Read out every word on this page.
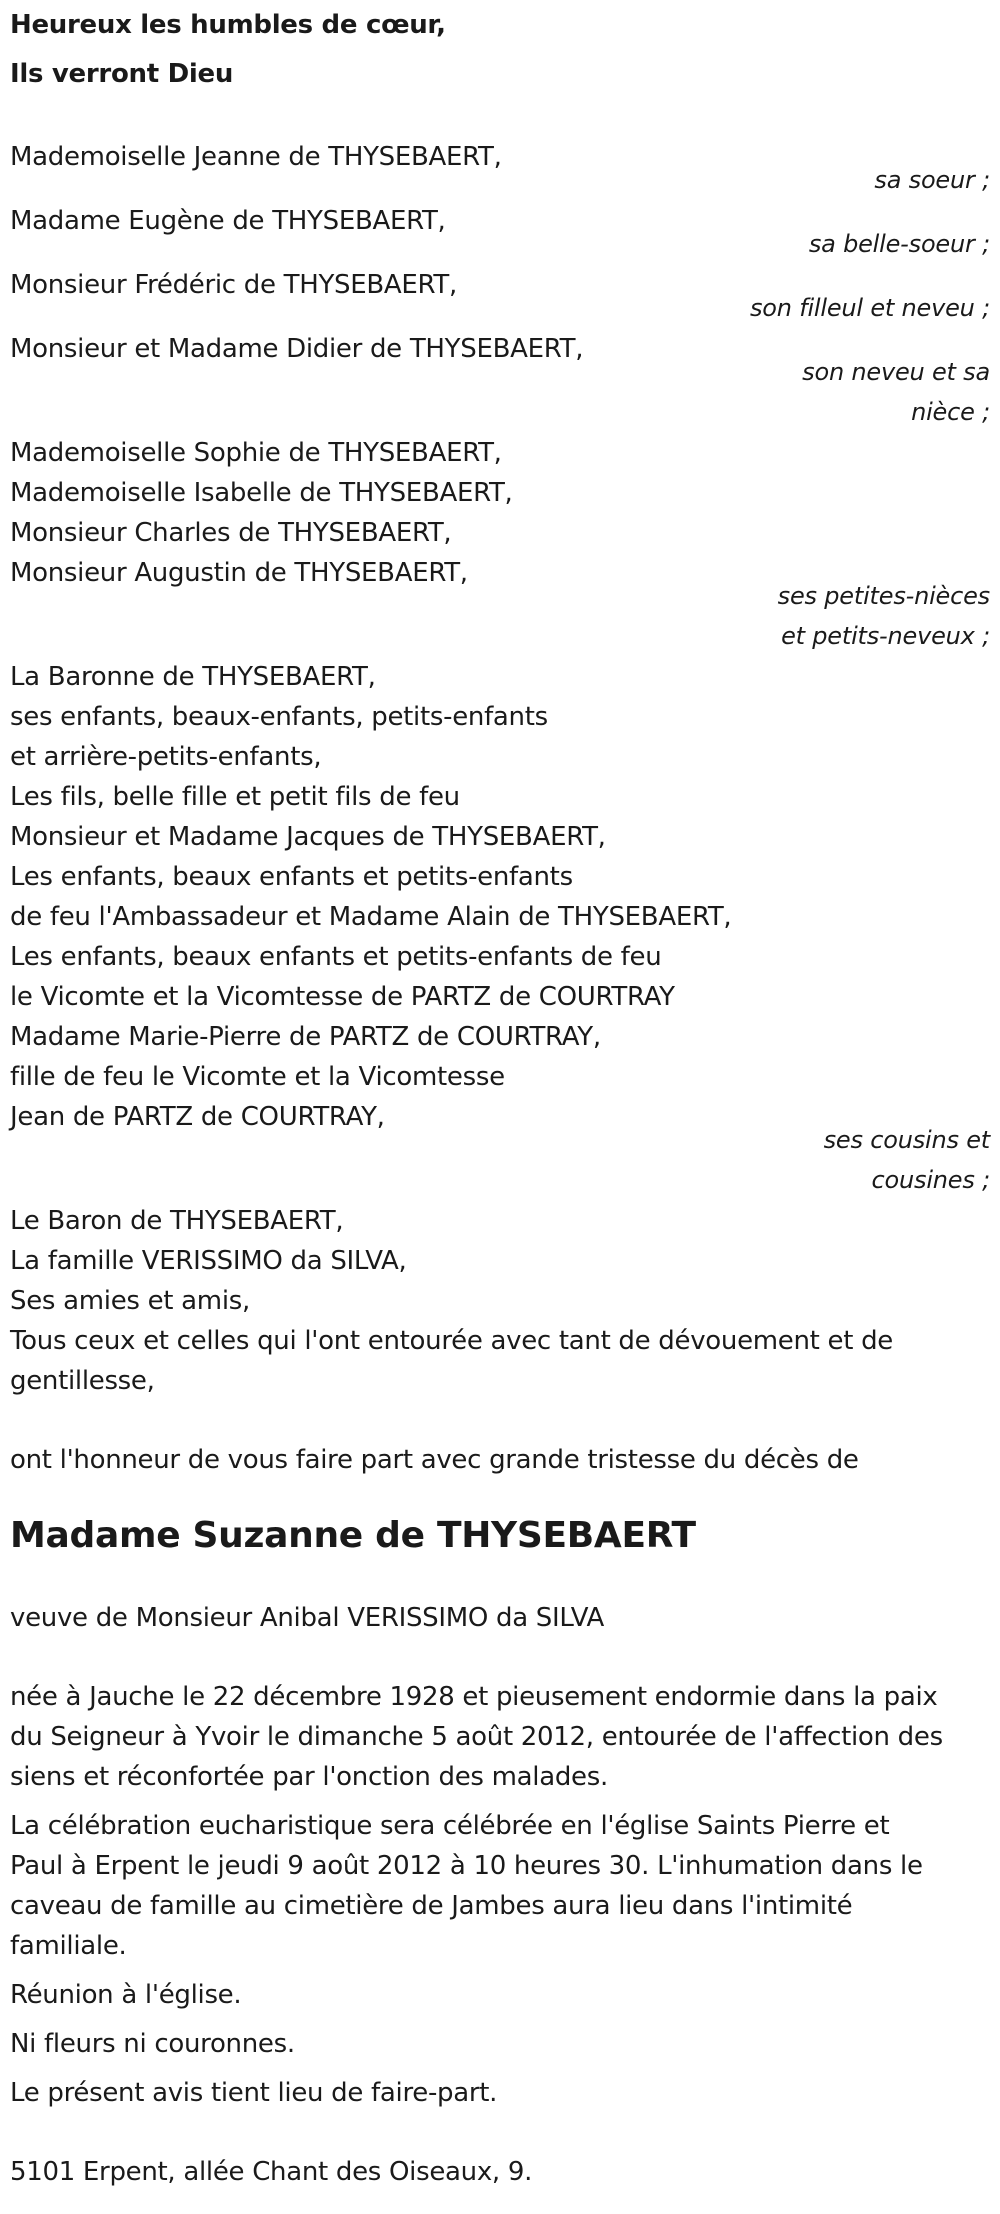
Heureux les humbles de cœur,
Ils verront Dieu
Mademoiselle Jeanne de THYSEBAERT,
sa soeur ;
Madame Eugène de THYSEBAERT,
sa belle-soeur ;
Monsieur Frédéric de THYSEBAERT,
son filleul et neveu ;
Monsieur et Madame Didier de THYSEBAERT,
son neveu et sa
nièce ;
Mademoiselle Sophie de THYSEBAERT,
Mademoiselle Isabelle de THYSEBAERT,
Monsieur Charles de THYSEBAERT,
Monsieur Augustin de THYSEBAERT,
ses petites-nièces
et petits-neveux ;
La Baronne de THYSEBAERT,
ses enfants, beaux-enfants, petits-enfants
et arrière-petits-enfants,
Les fils, belle fille et petit fils de feu
Monsieur et Madame Jacques de THYSEBAERT,
Les enfants, beaux enfants et petits-enfants
de feu l'Ambassadeur et Madame Alain de THYSEBAERT,
Les enfants, beaux enfants et petits-enfants de feu
le Vicomte et la Vicomtesse de PARTZ de COURTRAY
Madame Marie-Pierre de PARTZ de COURTRAY,
fille de feu le Vicomte et la Vicomtesse
Jean de PARTZ de COURTRAY,
ses cousins et
cousines ;
Le Baron de THYSEBAERT,
La famille VERISSIMO da SILVA,
Ses amies et amis,
Tous ceux et celles qui l'ont entourée avec tant de dévouement et de
gentillesse,
ont l'honneur de vous faire part avec grande tristesse du décès de
Madame Suzanne de THYSEBAERT
veuve de Monsieur Anibal VERISSIMO da SILVA
née à Jauche le 22 décembre 1928 et pieusement endormie dans la paix
du Seigneur à Yvoir le dimanche 5 août 2012, entourée de l'affection des
siens et réconfortée par l'onction des malades.
La célébration eucharistique sera célébrée en l'église Saints Pierre et
Paul à Erpent le jeudi 9 août 2012 à 10 heures 30. L'inhumation dans le
caveau de famille au cimetière de Jambes aura lieu dans l'intimité
familiale.
Réunion à l'église.
Ni fleurs ni couronnes.
Le présent avis tient lieu de faire-part.
5101 Erpent, allée Chant des Oiseaux, 9.
